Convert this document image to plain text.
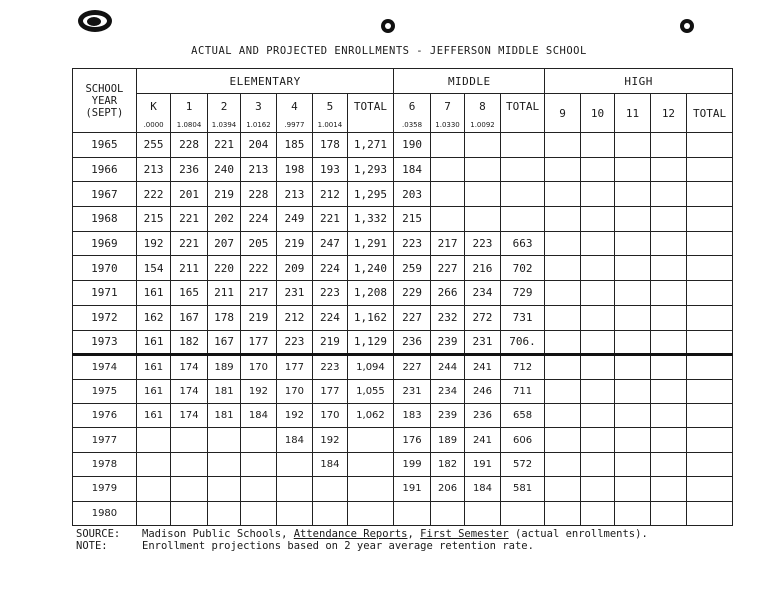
ACTUAL AND PROJECTED ENROLLMENTS - JEFFERSON MIDDLE SCHOOL
SCHOOL
YEAR
(SEPT)	ELEMENTARY							MIDDLE				HIGH				
	K	1	2	3	4	5	TOTAL	6	7	8	TOTAL	9	10	11	12	TOTAL
	.0000	1.0804	1.0394	1.0162	.9977	1.0014		.0358	1.0330	1.0092						
1965	255	228	221	204	185	178	1,271	190								
1966	213	236	240	213	198	193	1,293	184								
1967	222	201	219	228	213	212	1,295	203								
1968	215	221	202	224	249	221	1,332	215								
1969	192	221	207	205	219	247	1,291	223	217	223	663					
1970	154	211	220	222	209	224	1,240	259	227	216	702					
1971	161	165	211	217	231	223	1,208	229	266	234	729					
1972	162	167	178	219	212	224	1,162	227	232	272	731					
1973	161	182	167	177	223	219	1,129	236	239	231	706.					
1974	161	174	189	170	177	223	1,094	227	244	241	712					
1975	161	174	181	192	170	177	1,055	231	234	246	711					
1976	161	174	181	184	192	170	1,062	183	239	236	658					
1977					184	192		176	189	241	606					
1978						184		199	182	191	572					
1979								191	206	184	581					
1980																
SOURCE:	Madison Public Schools, Attendance Reports, First Semester (actual enrollments).
NOTE:	Enrollment projections based on 2 year average retention rate.
